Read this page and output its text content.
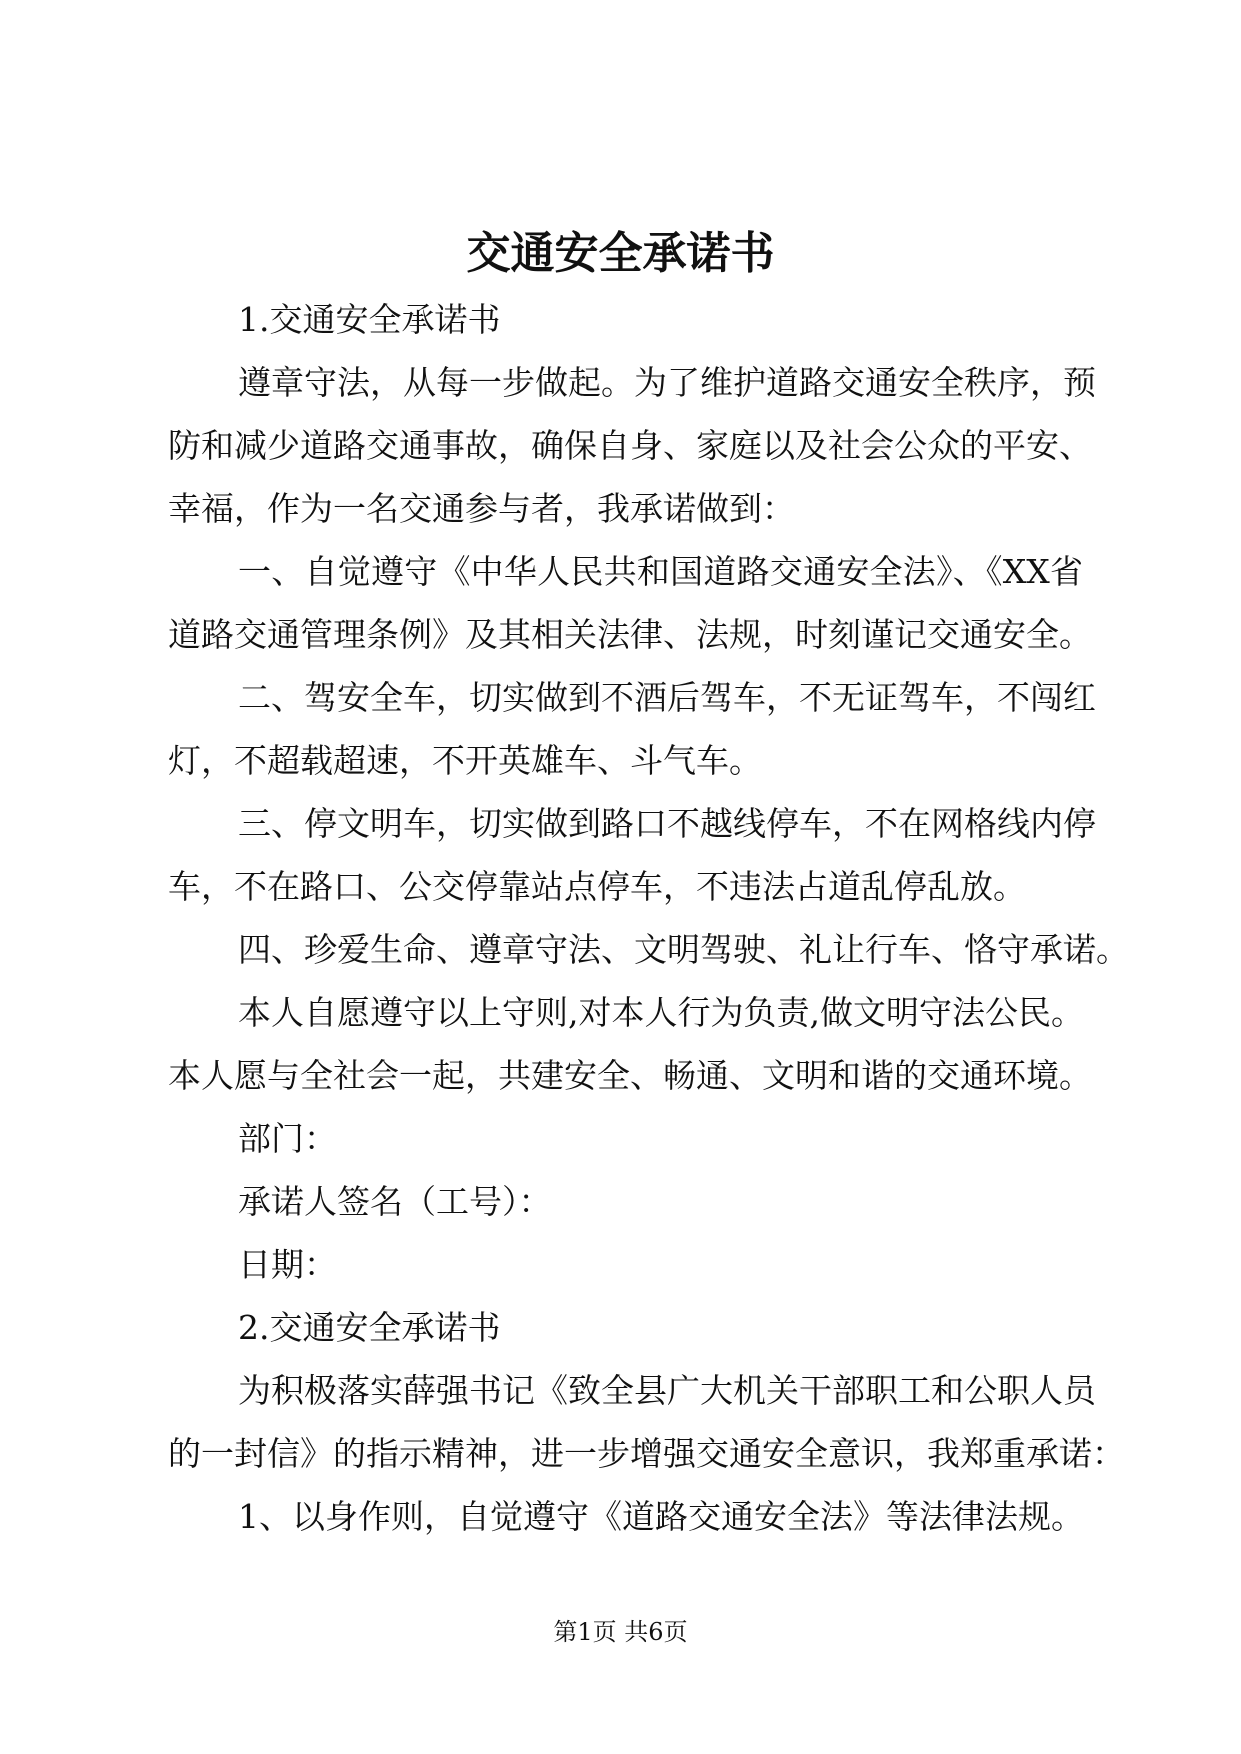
交通安全承诺书
1.交通安全承诺书
遵章守法，从每一步做起。为了维护道路交通安全秩序，预
防和减少道路交通事故，确保自身、家庭以及社会公众的平安、
幸福，作为一名交通参与者，我承诺做到：
一、自觉遵守《中华人民共和国道路交通安全法》、《XX省
道路交通管理条例》及其相关法律、法规，时刻谨记交通安全。
二、驾安全车，切实做到不酒后驾车，不无证驾车，不闯红
灯，不超载超速，不开英雄车、斗气车。
三、停文明车，切实做到路口不越线停车，不在网格线内停
车，不在路口、公交停靠站点停车，不违法占道乱停乱放。
四、珍爱生命、遵章守法、文明驾驶、礼让行车、恪守承诺。
本人自愿遵守以上守则,对本人行为负责,做文明守法公民。
本人愿与全社会一起，共建安全、畅通、文明和谐的交通环境。
部门：
承诺人签名（工号）：
日期：
2.交通安全承诺书
为积极落实薛强书记《致全县广大机关干部职工和公职人员
的一封信》的指示精神，进一步增强交通安全意识，我郑重承诺：
1、以身作则，自觉遵守《道路交通安全法》等法律法规。
第1页 共6页
